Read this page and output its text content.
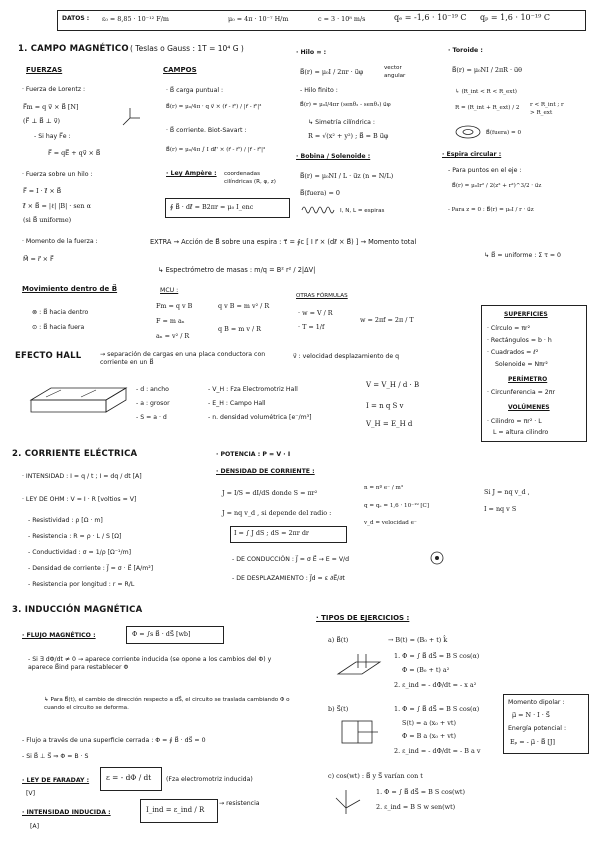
DATOS : ε₀ = 8,85 · 10⁻¹² F/m	μ₀ = 4π · 10⁻⁷ H/m	c = 3 · 10⁸ m/s	qₑ = -1,6 · 10⁻¹⁹ C qₚ = 1,6 · 10⁻¹⁹ C
1. CAMPO MAGNÉTICO ( Teslas o Gauss : 1T = 10⁴ G )
FUERZAS
· Fuerza de Lorentz :
F⃗m = q v⃗ × B⃗ [N]
(F⃗ ⊥ B⃗ ⊥ v⃗)
- Si hay F⃗e :
F⃗ = qE⃗ + qv⃗ × B⃗
· Fuerza sobre un hilo :
F⃗ = I · ℓ⃗ × B⃗
ℓ⃗ × B⃗ = |ℓ| |B| · sen α
(si B⃗ uniforme)
· Momento de la fuerza :
M⃗ = r⃗ × F⃗
CAMPOS
· B⃗ carga puntual :
B⃗(r) = μ₀/4π · q v⃗ × (r⃗ - r⃗') / |r⃗ - r⃗'|³
· B⃗ corriente. Biot-Savart :
B⃗(r) = μ₀/4π ∫ I dℓ⃗' × (r⃗ - r⃗') / |r⃗ - r⃗'|³
· Ley Ampère : coordenadas cilíndricas (R, φ, z)
∮ B⃗ · dℓ⃗ = B2πr = μ₀ I_enc
· Hilo ∞ :
B⃗(r) = μ₀I / 2πr · u⃗φ	vector angular
- Hilo finito :
B⃗(r) = μ₀I/4πr (senθ₂ - senθ₁) u⃗φ
↳ Simetría cilíndrica :
R = √(x² + y²) ; B⃗ = B u⃗φ
· Bobina / Solenoide :
B⃗(r) = μ₀NI / L · u⃗z (n = N/L)
B⃗(fuera) = 0
I, N, L = espiras
· Toroide :
B⃗(r) = μ₀NI / 2πR · u⃗θ
↳ (R_int < R < R_ext)
R = (R_int + R_ext) / 2 r < R_int ; r > R_ext
B⃗(fuera) = 0
· Espira circular :
- Para puntos en el eje :
B⃗(r) = μ₀Ir² / 2(z² + r²)^3/2 · u⃗z
- Para z = 0 : B⃗(r) = μ₀I / r · u⃗z
EXTRA → Acción de B⃗ sobre una espira : τ⃗ = ∮c [ I r⃗ × (dℓ⃗ × B⃗) ] → Momento total
↳ B⃗ = uniforme : Σ τ = 0
↳ Espectrómetro de masas : m/q = B² r² / 2|ΔV|
Movimiento dentro de B⃗
⊗ : B⃗ hacia dentro
⊙ : B⃗ hacia fuera
MCU :
Fm = q v B
F = m aₙ
aₙ = v² / R
q v B = m v² / R
q B = m v / R
OTRAS FÓRMULAS
· w = V / R
· T = 1/f
w = 2πf = 2π / T
EFECTO HALL	→ separación de cargas en una placa conductora con corriente en un B⃗
v⃗ : velocidad desplazamiento de q
- d : ancho
- a : grosor
- S = a · d
- V_H : Fza Electromotriz Hall
- E_H : Campo Hall
- n. densidad volumétrica [e⁻/m³]
V = V_H / d · B
I = n q S v
V_H = E_H d
SUPERFICIES
· Círculo = πr²
· Rectángulos = b · h
· Cuadrados = ℓ²
Solenoide = Nπr²
PERÍMETRO
· Circunferencia = 2πr
VOLÚMENES
· Cilindro = πr² · L
L = altura cilindro
2. CORRIENTE ELÉCTRICA
· INTENSIDAD : I = q / t ; I = dq / dt [A]
· LEY DE OHM : V = I · R [voltios = V]
- Resistividad : ρ [Ω · m]
- Resistencia : R = ρ · L / S [Ω]
- Conductividad : σ = 1/ρ [Ω⁻¹/m]
- Densidad de corriente : J⃗ = σ · E⃗ [A/m²]
- Resistencia por longitud : r = R/L
· POTENCIA : P = V · I
· DENSIDAD DE CORRIENTE :
J = I/S = dI/dS donde S = πr²
J = nq v_d , si depende del radio :
I = ∫ J dS ; dS = 2πr dr
n = nº e⁻ / m³
q = qₑ = 1,6 · 10⁻¹⁹ [C]
v_d = velocidad e⁻
Si J = nq v_d ,
I = nq v S
- DE CONDUCCIÓN : J⃗ = σ E⃗ → E = V/d
- DE DESPLAZAMIENTO : J⃗d = ε ∂E⃗/∂t
3. INDUCCIÓN MAGNÉTICA
· FLUJO MAGNÉTICO :	Φ = ∫s B⃗ · dS⃗ [wb]
- Si ∃ dΦ/dt ≠ 0 → aparece corriente inducida (se opone a los cambios del Φ) y aparece B⃗ind para restablecer Φ
↳ Para B⃗(t), el cambio de dirección respecto a dS⃗, el circuito se traslada cambiando Φ o cuando el circuito se deforma.
- Flujo a través de una superficie cerrada : Φ = ∮ B⃗ · dS⃗ = 0
- Si B⃗ ⊥ S⃗ ⇒ Φ = B · S
· LEY DE FARADAY : ε = - dΦ / dt (Fza electromotriz inducida)
[V]
· INTENSIDAD INDUCIDA :	I_ind = ε_ind / R
→ resistencia
[A]
· TIPOS DE EJERCICIOS :
a) B⃗(t)	→ B(t) = (B₀ + t) k̂
1. Φ = ∫ B⃗ dS⃗ = B S cos(α)
Φ = (B₀ + t) a²
2. ε_ind = - dΦ/dt = - x a²
b) S⃗(t)	1. Φ = ∫ B⃗ dS⃗ = B S cos(α)
S(t) = a (x₀ + vt)
Φ = B a (x₀ + vt)
2. ε_ind = - dΦ/dt = - B a v
c) cos(wt) : B⃗ y S⃗ varían con t
1. Φ = ∫ B⃗ dS⃗ = B S cos(wt)
2. ε_ind = B S w sen(wt)
Momento dipolar :
μ⃗ = N · I · S⃗
Energía potencial :
Eₚ = - μ⃗ · B⃗ [J]
